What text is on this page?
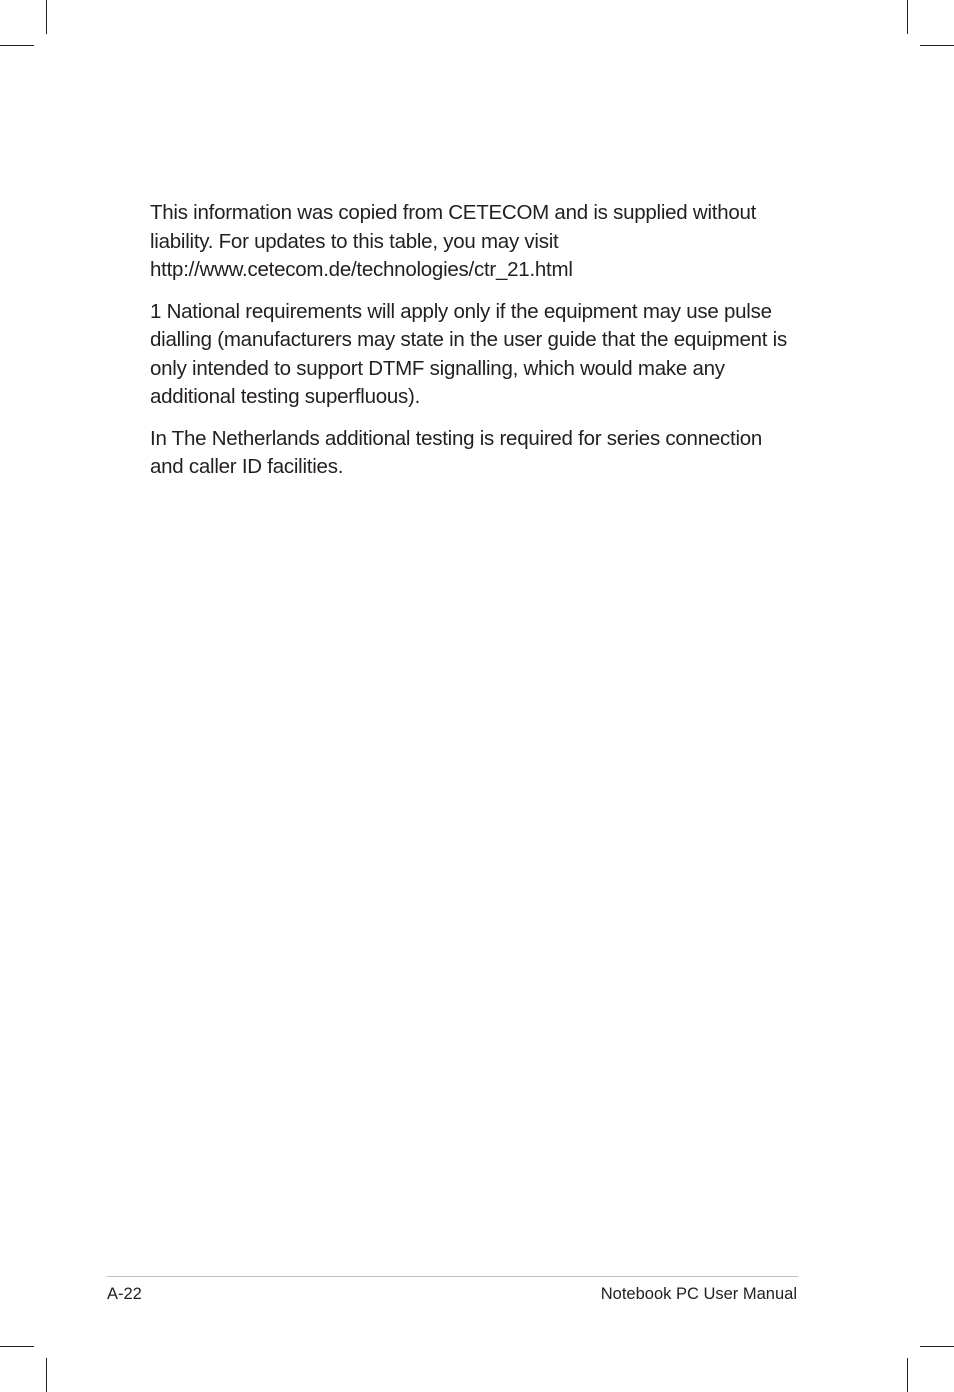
This information was copied from CETECOM and is supplied without liability. For updates to this table, you may visit http://www.cetecom.de/technologies/ctr_21.html

1 National requirements will apply only if the equipment may use pulse dialling (manufacturers may state in the user guide that the equipment is only intended to support DTMF signalling, which would make any additional testing superfluous).

In The Netherlands additional testing is required for series connection and caller ID facilities.

A-22	Notebook PC User Manual
